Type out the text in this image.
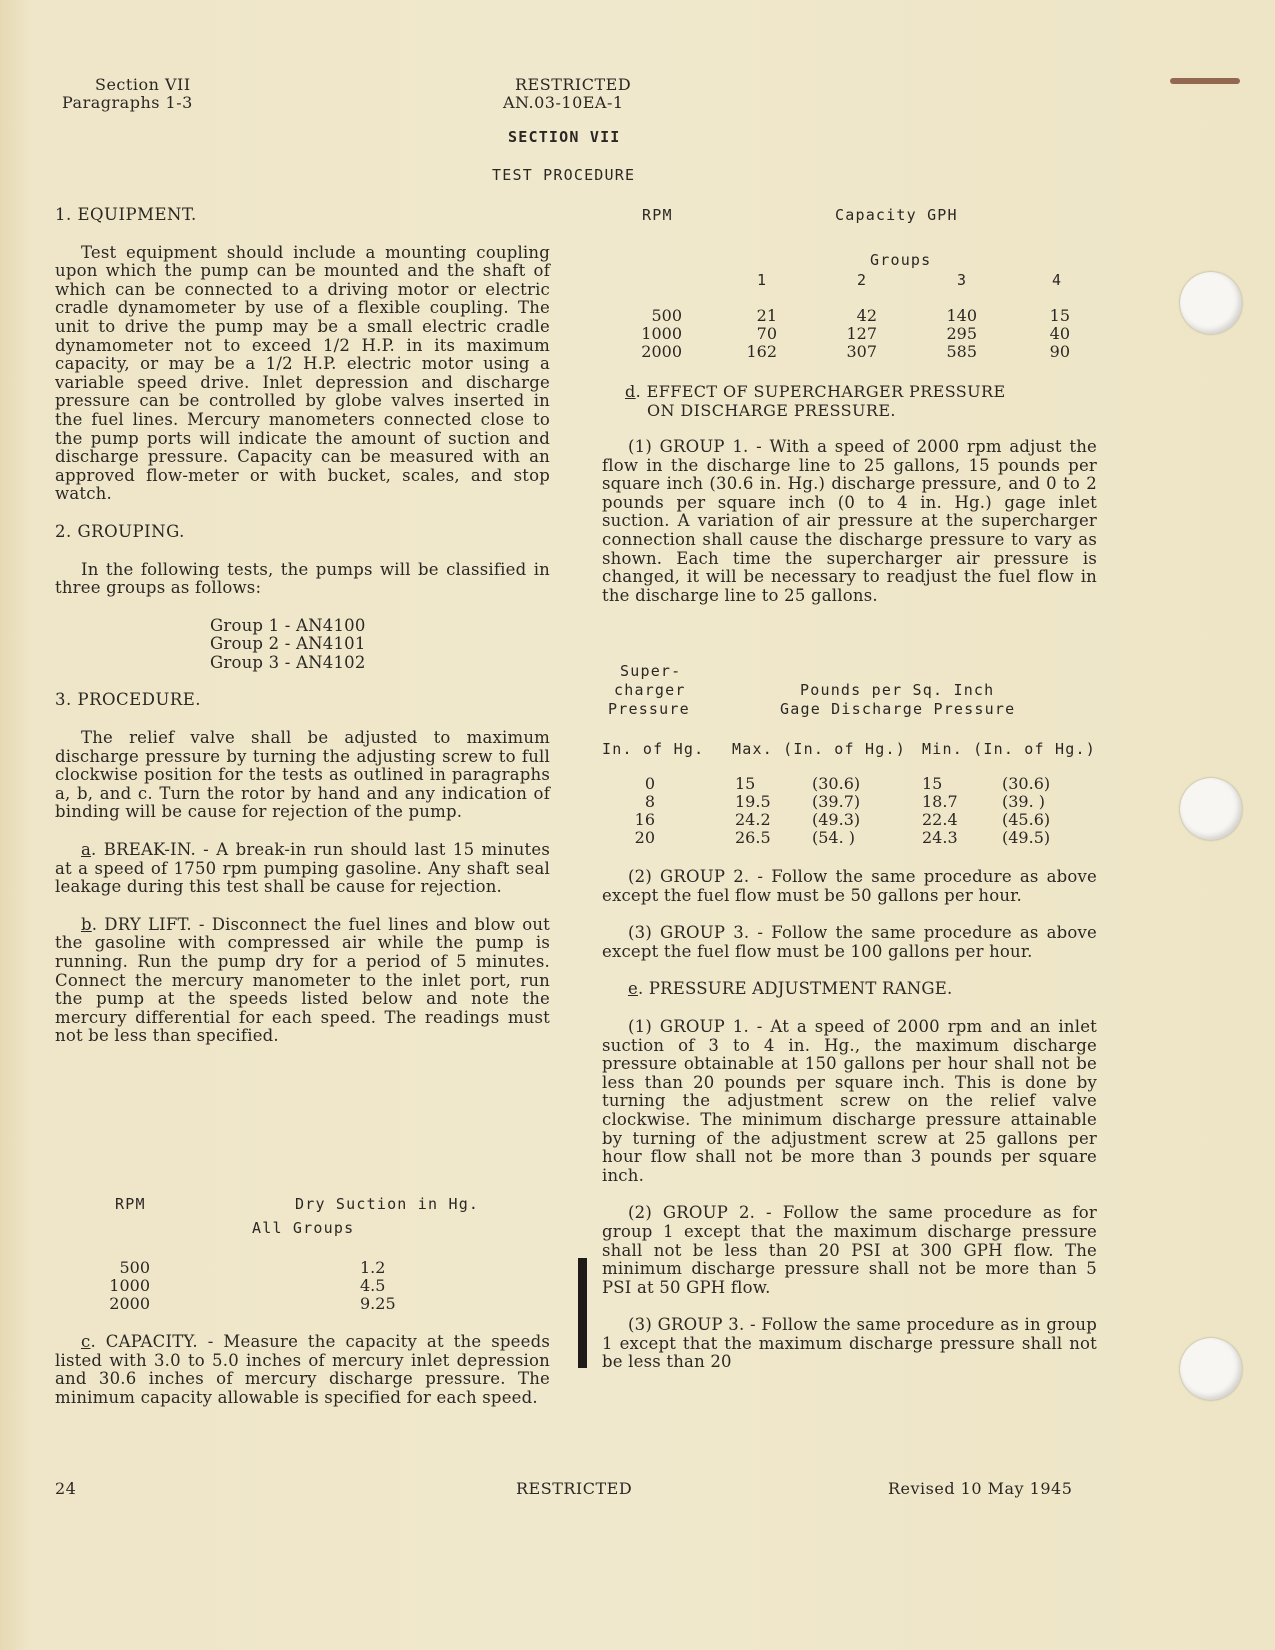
Section VII
Paragraphs 1-3
RESTRICTED
AN.03-10EA-1
SECTION VII
TEST PROCEDURE

1. EQUIPMENT.

Test equipment should include a mounting coupling upon which the pump can be mounted and the shaft of which can be connected to a driving motor or electric cradle dynamometer by use of a flexible coupling. The unit to drive the pump may be a small electric cradle dynamometer not to exceed 1/2 H.P. in its maximum capacity, or may be a 1/2 H.P. electric motor using a variable speed drive. Inlet depression and discharge pressure can be controlled by globe valves inserted in the fuel lines. Mercury manometers connected close to the pump ports will indicate the amount of suction and discharge pressure. Capacity can be measured with an approved flow-meter or with bucket, scales, and stop watch.

2. GROUPING.

In the following tests, the pumps will be classified in three groups as follows:

Group 1 - AN4100
Group 2 - AN4101
Group 3 - AN4102

3. PROCEDURE.

The relief valve shall be adjusted to maximum discharge pressure by turning the adjusting screw to full clockwise position for the tests as outlined in paragraphs a, b, and c. Turn the rotor by hand and any indication of binding will be cause for rejection of the pump.

a. BREAK-IN. - A break-in run should last 15 minutes at a speed of 1750 rpm pumping gasoline. Any shaft seal leakage during this test shall be cause for rejection.

b. DRY LIFT. - Disconnect the fuel lines and blow out the gasoline with compressed air while the pump is running. Run the pump dry for a period of 5 minutes. Connect the mercury manometer to the inlet port, run the pump at the speeds listed below and note the mercury differential for each speed. The readings must not be less than specified.

RPM	Dry Suction in Hg.
All Groups
500	1.2
1000	4.5
2000	9.25

c. CAPACITY. - Measure the capacity at the speeds listed with 3.0 to 5.0 inches of mercury inlet depression and 30.6 inches of mercury discharge pressure. The minimum capacity allowable is specified for each speed.

RPM	Capacity GPH
Groups
1	2	3	4
500	21	42	140	15
1000	70	127	295	40
2000	162	307	585	90
d. EFFECT OF SUPERCHARGER PRESSURE
ON DISCHARGE PRESSURE.

(1) GROUP 1. - With a speed of 2000 rpm adjust the flow in the discharge line to 25 gallons, 15 pounds per square inch (30.6 in. Hg.) discharge pressure, and 0 to 2 pounds per square inch (0 to 4 in. Hg.) gage inlet suction. A variation of air pressure at the supercharger connection shall cause the discharge pressure to vary as shown. Each time the supercharger air pressure is changed, it will be necessary to readjust the fuel flow in the discharge line to 25 gallons.

Super-
charger
Pressure
Pounds per Sq. Inch
Gage Discharge Pressure
In. of Hg. Max. (In. of Hg.) Min. (In. of Hg.)
0	15	(30.6)	15	(30.6)
8	19.5	(39.7)	18.7	(39. )
16	24.2	(49.3)	22.4	(45.6)
20	26.5	(54. )	24.3	(49.5)

(2) GROUP 2. - Follow the same procedure as above except the fuel flow must be 50 gallons per hour.

(3) GROUP 3. - Follow the same procedure as above except the fuel flow must be 100 gallons per hour.

e. PRESSURE ADJUSTMENT RANGE.

(1) GROUP 1. - At a speed of 2000 rpm and an inlet suction of 3 to 4 in. Hg., the maximum discharge pressure obtainable at 150 gallons per hour shall not be less than 20 pounds per square inch. This is done by turning the adjustment screw on the relief valve clockwise. The minimum discharge pressure attainable by turning of the adjustment screw at 25 gallons per hour flow shall not be more than 3 pounds per square inch.

(2) GROUP 2. - Follow the same procedure as for group 1 except that the maximum discharge pressure shall not be less than 20 PSI at 300 GPH flow. The minimum discharge pressure shall not be more than 5 PSI at 50 GPH flow.

(3) GROUP 3. - Follow the same procedure as in group 1 except that the maximum discharge pressure shall not be less than 20

24	RESTRICTED	Revised 10 May 1945
